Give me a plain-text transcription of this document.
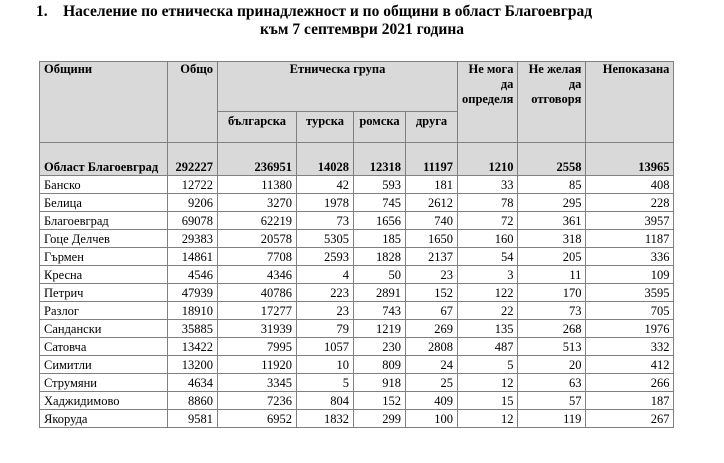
1. Население по етническа принадлежност и по общини в област Благоевград
към 7 септември 2021 година
Общини	Общо	Етническа група				Не мога да определя	Не желая да отговоря	Непоказана
		българска	турска	ромска	друга			
Област Благоевград	292227	236951	14028	12318	11197	1210	2558	13965
Банско	12722	11380	42	593	181	33	85	408
Белица	9206	3270	1978	745	2612	78	295	228
Благоевград	69078	62219	73	1656	740	72	361	3957
Гоце Делчев	29383	20578	5305	185	1650	160	318	1187
Гърмен	14861	7708	2593	1828	2137	54	205	336
Кресна	4546	4346	4	50	23	3	11	109
Петрич	47939	40786	223	2891	152	122	170	3595
Разлог	18910	17277	23	743	67	22	73	705
Сандански	35885	31939	79	1219	269	135	268	1976
Сатовча	13422	7995	1057	230	2808	487	513	332
Симитли	13200	11920	10	809	24	5	20	412
Струмяни	4634	3345	5	918	25	12	63	266
Хаджидимово	8860	7236	804	152	409	15	57	187
Якоруда	9581	6952	1832	299	100	12	119	267
